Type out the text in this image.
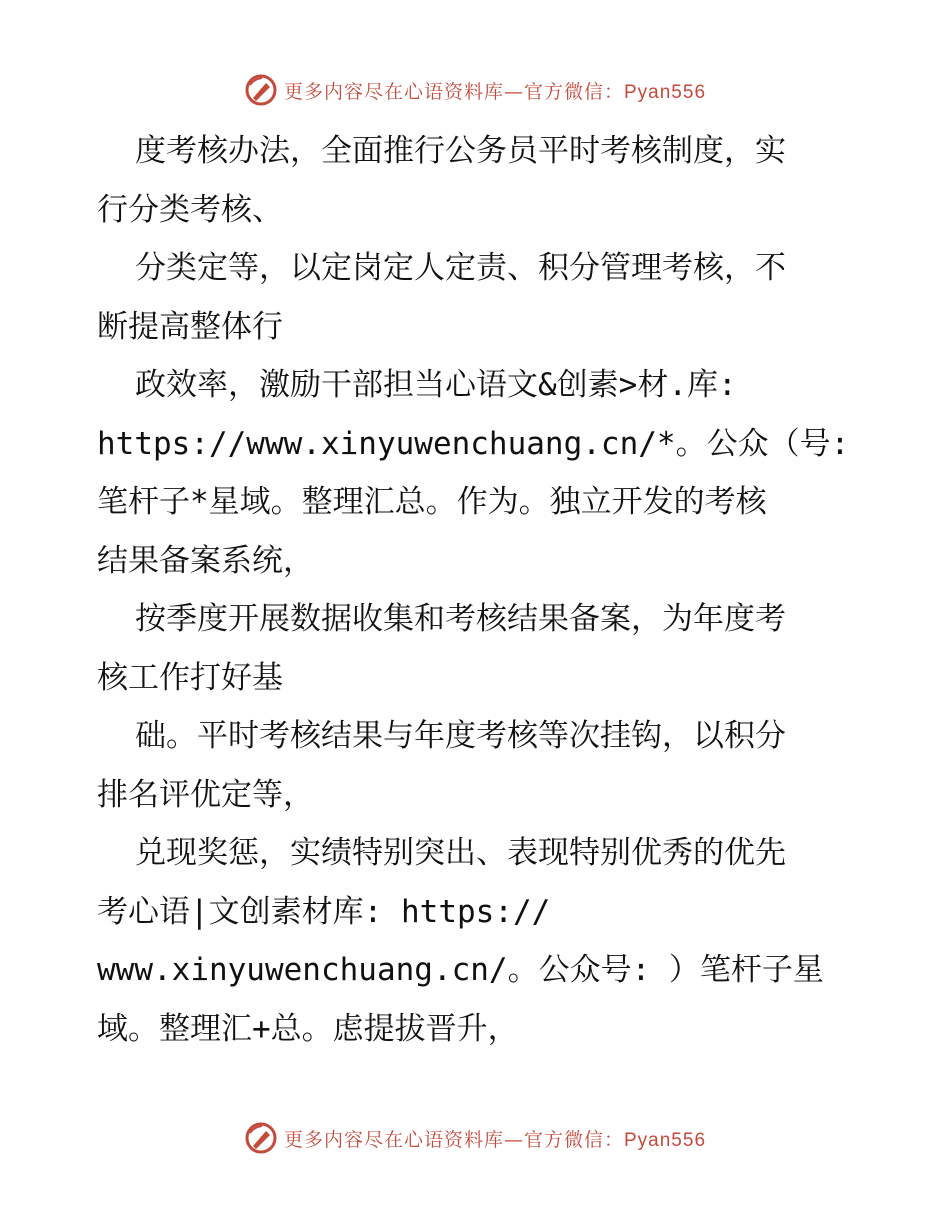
更多内容尽在心语资料库—官方微信：Pyan556
度考核办法，全面推行公务员平时考核制度，实
行分类考核、
分类定等，以定岗定人定责、积分管理考核，不
断提高整体行
政效率，激励干部担当心语文&创素>材.库:
https://www.xinyuwenchuang.cn/*。公众（号:
笔杆子*星域。整理汇总。作为。独立开发的考核
结果备案系统，
按季度开展数据收集和考核结果备案，为年度考
核工作打好基
础。平时考核结果与年度考核等次挂钩，以积分
排名评优定等，
兑现奖惩，实绩特别突出、表现特别优秀的优先
考心语|文创素材库: https://
www.xinyuwenchuang.cn/。公众号: ）笔杆子星
域。整理汇+总。虑提拔晋升，
更多内容尽在心语资料库—官方微信：Pyan556
